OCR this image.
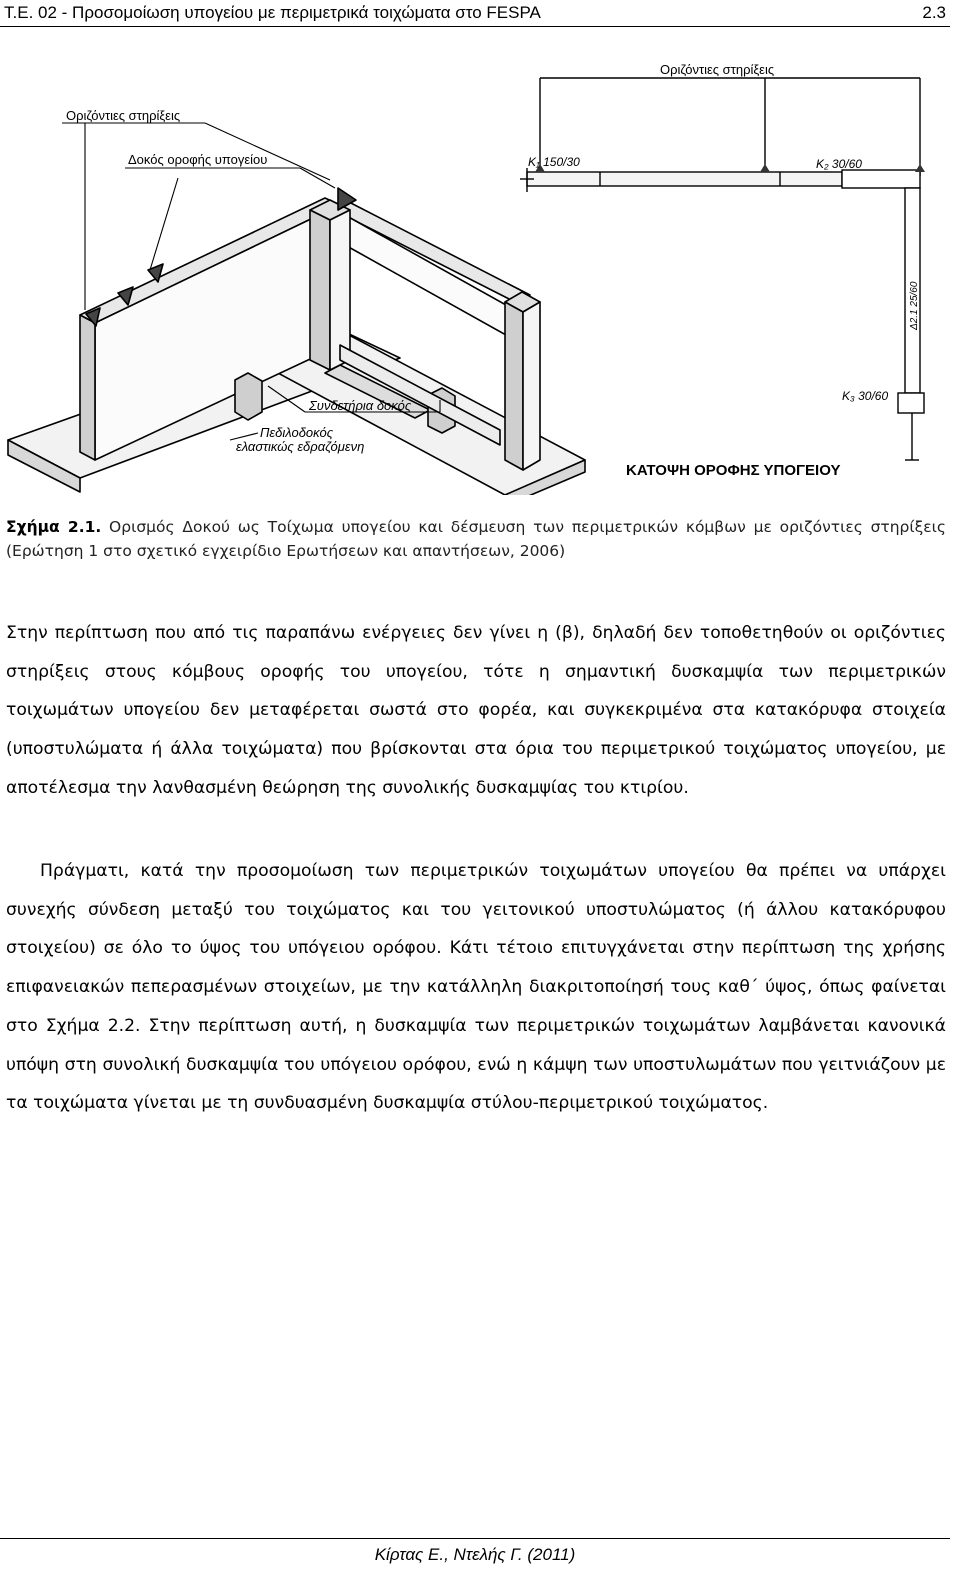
Τ.Ε. 02 - Προσομοίωση υπογείου με περιμετρικά τοιχώματα στο FESPA	2.3
Οριζόντιες στηρίξεις
Δοκός οροφής υπογείου
Συνδετήρια δοκός
Πεδιλοδοκός
ελαστικώς εδραζόμενη
Οριζόντιες στηρίξεις
K₁ 150/30	K₂ 30/60
K₃ 30/60
Δ2.1 25/60
ΚΑΤΟΨΗ ΟΡΟΦΗΣ ΥΠΟΓΕΙΟΥ
Σχήμα 2.1. Ορισμός Δοκού ως Τοίχωμα υπογείου και δέσμευση των περιμετρικών κόμβων με οριζόντιες στηρίξεις (Ερώτηση 1 στο σχετικό εγχειρίδιο Ερωτήσεων και απαντήσεων, 2006)

Στην περίπτωση που από τις παραπάνω ενέργειες δεν γίνει η (β), δηλαδή δεν τοποθετηθούν οι οριζόντιες στηρίξεις στους κόμβους οροφής του υπογείου, τότε η σημαντική δυσκαμψία των περιμετρικών τοιχωμάτων υπογείου δεν μεταφέρεται σωστά στο φορέα, και συγκεκριμένα στα κατακόρυφα στοιχεία (υποστυλώματα ή άλλα τοιχώματα) που βρίσκονται στα όρια του περιμετρικού τοιχώματος υπογείου, με αποτέλεσμα την λανθασμένη θεώρηση της συνολικής δυσκαμψίας του κτιρίου.

Πράγματι, κατά την προσομοίωση των περιμετρικών τοιχωμάτων υπογείου θα πρέπει να υπάρχει συνεχής σύνδεση μεταξύ του τοιχώματος και του γειτονικού υποστυλώματος (ή άλλου κατακόρυφου στοιχείου) σε όλο το ύψος του υπόγειου ορόφου. Κάτι τέτοιο επιτυγχάνεται στην περίπτωση της χρήσης επιφανειακών πεπερασμένων στοιχείων, με την κατάλληλη διακριτοποίησή τους καθ΄ ύψος, όπως φαίνεται στο Σχήμα 2.2. Στην περίπτωση αυτή, η δυσκαμψία των περιμετρικών τοιχωμάτων λαμβάνεται κανονικά υπόψη στη συνολική δυσκαμψία του υπόγειου ορόφου, ενώ η κάμψη των υποστυλωμάτων που γειτνιάζουν με τα τοιχώματα γίνεται με τη συνδυασμένη δυσκαμψία στύλου-περιμετρικού τοιχώματος.

Κίρτας Ε., Ντελής Γ. (2011)
